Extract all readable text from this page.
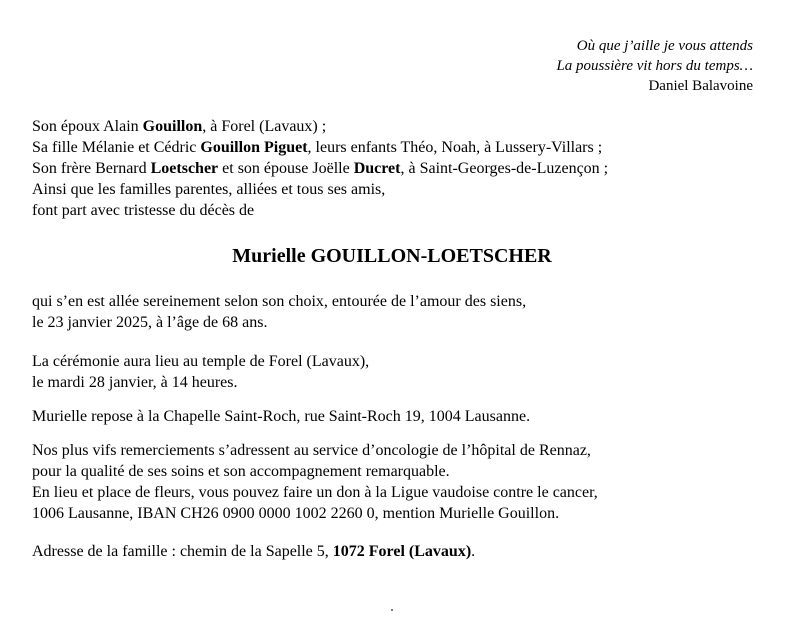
Où que j’aille je vous attends
La poussière vit hors du temps…
Daniel Balavoine
Son époux Alain Gouillon, à Forel (Lavaux) ;
Sa fille Mélanie et Cédric Gouillon Piguet, leurs enfants Théo, Noah, à Lussery-Villars ;
Son frère Bernard Loetscher et son épouse Joëlle Ducret, à Saint-Georges-de-Luzençon ;
Ainsi que les familles parentes, alliées et tous ses amis,
font part avec tristesse du décès de
Murielle GOUILLON-LOETSCHER
qui s’en est allée sereinement selon son choix, entourée de l’amour des siens,
le 23 janvier 2025, à l’âge de 68 ans.
La cérémonie aura lieu au temple de Forel (Lavaux),
le mardi 28 janvier, à 14 heures.
Murielle repose à la Chapelle Saint-Roch, rue Saint-Roch 19, 1004 Lausanne.
Nos plus vifs remerciements s’adressent au service d’oncologie de l’hôpital de Rennaz,
pour la qualité de ses soins et son accompagnement remarquable.
En lieu et place de fleurs, vous pouvez faire un don à la Ligue vaudoise contre le cancer,
1006 Lausanne, IBAN CH26 0900 0000 1002 2260 0, mention Murielle Gouillon.
Adresse de la famille : chemin de la Sapelle 5, 1072 Forel (Lavaux).
